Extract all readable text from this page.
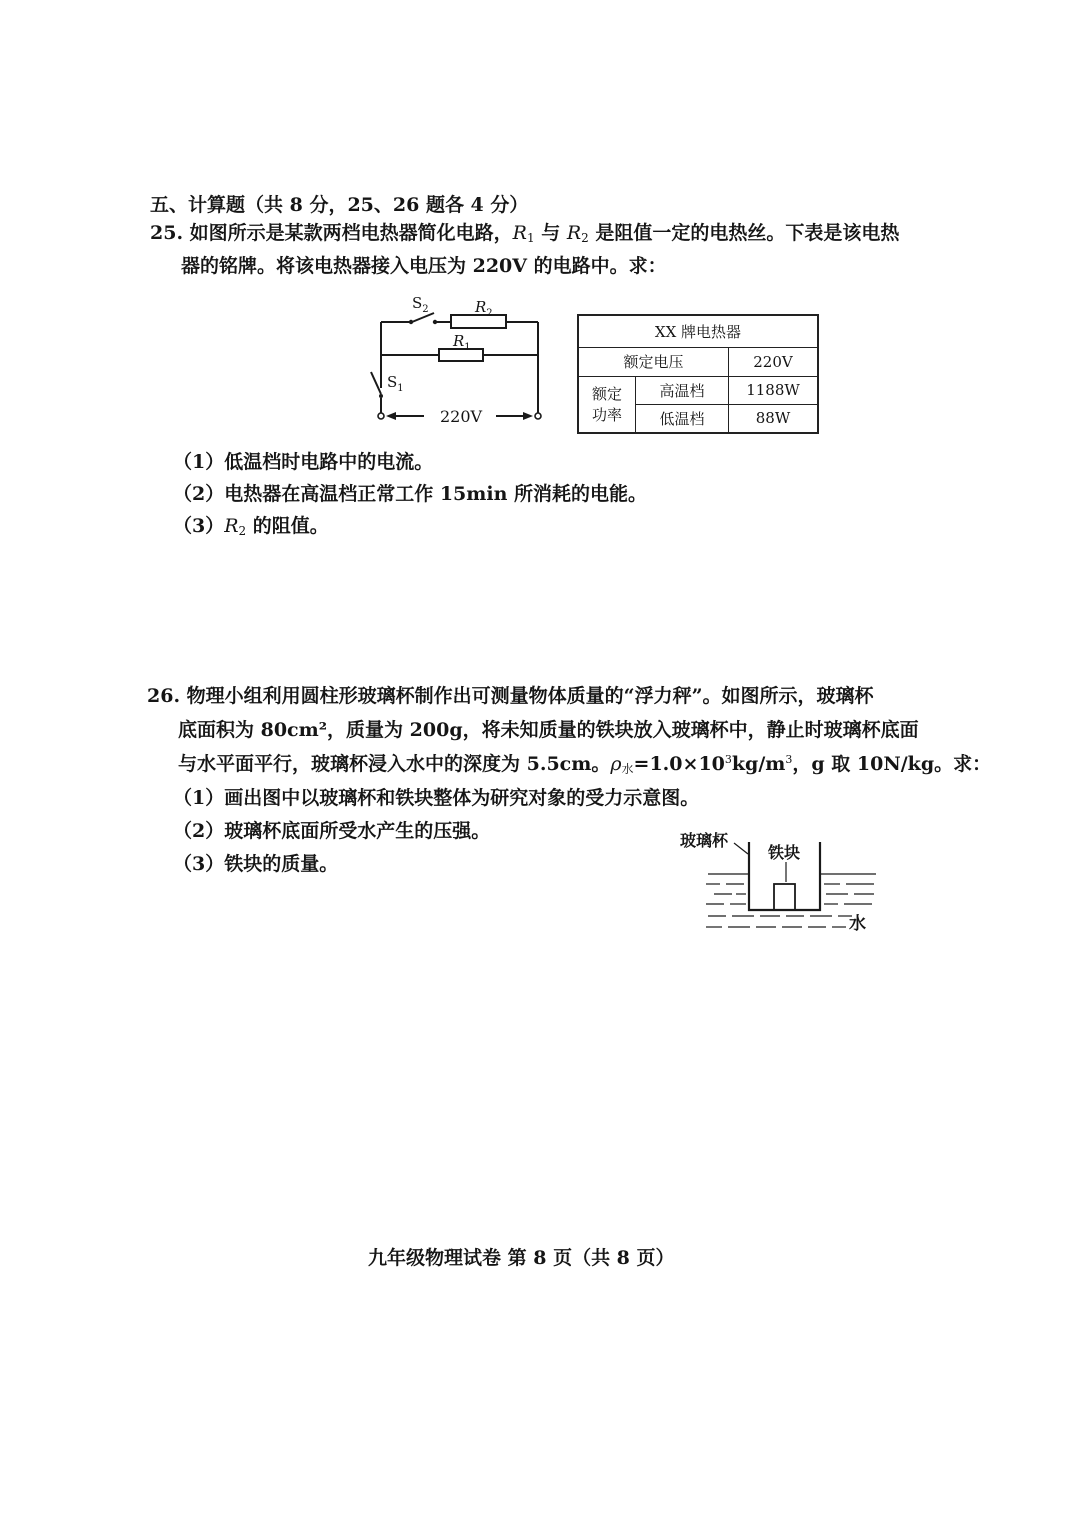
五、计算题（共 8 分，25、26 题各 4 分）
25. 如图所示是某款两档电热器简化电路，$R_1$ 与 $R_2$ 是阻值一定的电热丝。下表是该电热
器的铭牌。将该电热器接入电压为 220V 的电路中。求：
$S_2$	$R_2$
$R_1$
$S_1$
220V
XX 牌电热器		
额定电压		220V
额定
功率	高温档	1188W
	低温档	88W
（1）低温档时电路中的电流。
（2）电热器在高温档正常工作 15min 所消耗的电能。
$(3)R_2$ 的阻值。
26. 物理小组利用圆柱形玻璃杯制作出可测量物体质量的“浮力秤”。如图所示，玻璃杯
底面积为 80cm²，质量为 200g，将未知质量的铁块放入玻璃杯中，静止时玻璃杯底面
与水平面平行，玻璃杯浸入水中的深度为 5.5cm。$\rho_水=1.0\times 10^3kg/m^3$，g 取 10N/kg。求：
（1）画出图中以玻璃杯和铁块整体为研究对象的受力示意图。
（2）玻璃杯底面所受水产生的压强。
（3）铁块的质量。
玻璃杯
铁块
水
九年级物理试卷 第 8 页（共 8 页）
